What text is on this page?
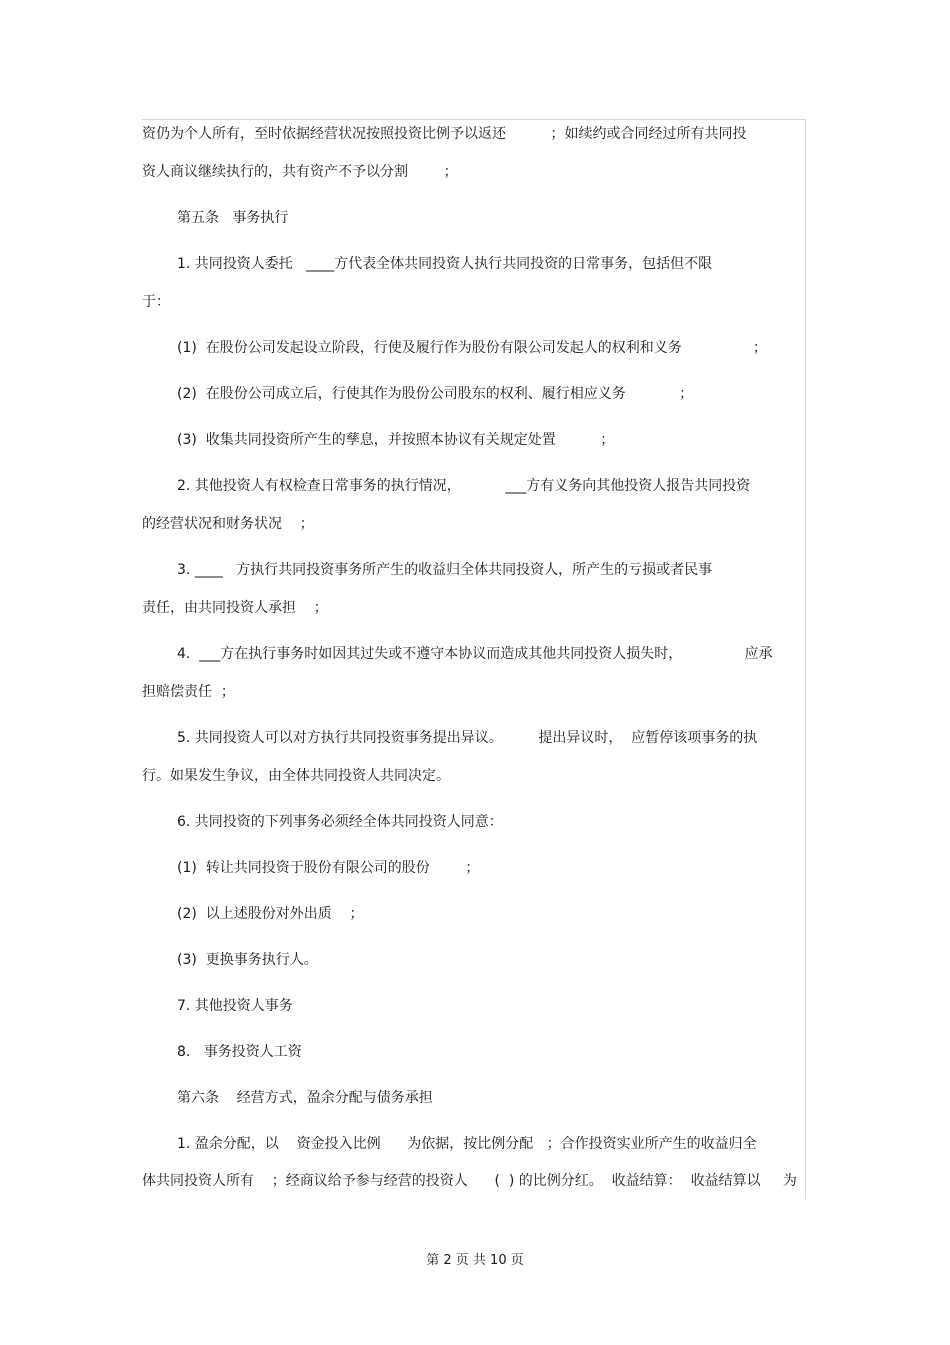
资仍为个人所有，至时依据经营状况按照投资比例予以返还          ；如续约或合同经过所有共同投
资人商议继续执行的，共有资产不予以分割        ；
第五条   事务执行
1. 共同投资人委托   ____方代表全体共同投资人执行共同投资的日常事务，包括但不限
于：
(1)  在股份公司发起设立阶段，行使及履行作为股份有限公司发起人的权利和义务                ；
(2)  在股份公司成立后，行使其作为股份公司股东的权利、履行相应义务            ；
(3)  收集共同投资所产生的孳息，并按照本协议有关规定处置          ；
2. 其他投资人有权检查日常事务的执行情况，          ___方有义务向其他投资人报告共同投资
的经营状况和财务状况    ；
3. ____   方执行共同投资事务所产生的收益归全体共同投资人，所产生的亏损或者民事
责任，由共同投资人承担    ；
4.  ___方在执行事务时如因其过失或不遵守本协议而造成其他共同投资人损失时，              应承
担赔偿责任  ；
5. 共同投资人可以对方执行共同投资事务提出异议。        提出异议时，  应暂停该项事务的执
行。如果发生争议，由全体共同投资人共同决定。
6. 共同投资的下列事务必须经全体共同投资人同意：
(1)  转让共同投资于股份有限公司的股份        ；
(2)  以上述股份对外出质    ；
(3)  更换事务执行人。
7. 其他投资人事务
8.   事务投资人工资
第六条    经营方式，盈余分配与债务承担
1. 盈余分配，以    资金投入比例      为依据，按比例分配   ；合作投资实业所产生的收益归全
体共同投资人所有    ；经商议给予参与经营的投资人      (  ) 的比例分红。  收益结算：  收益结算以     为
第 2 页 共 10 页
